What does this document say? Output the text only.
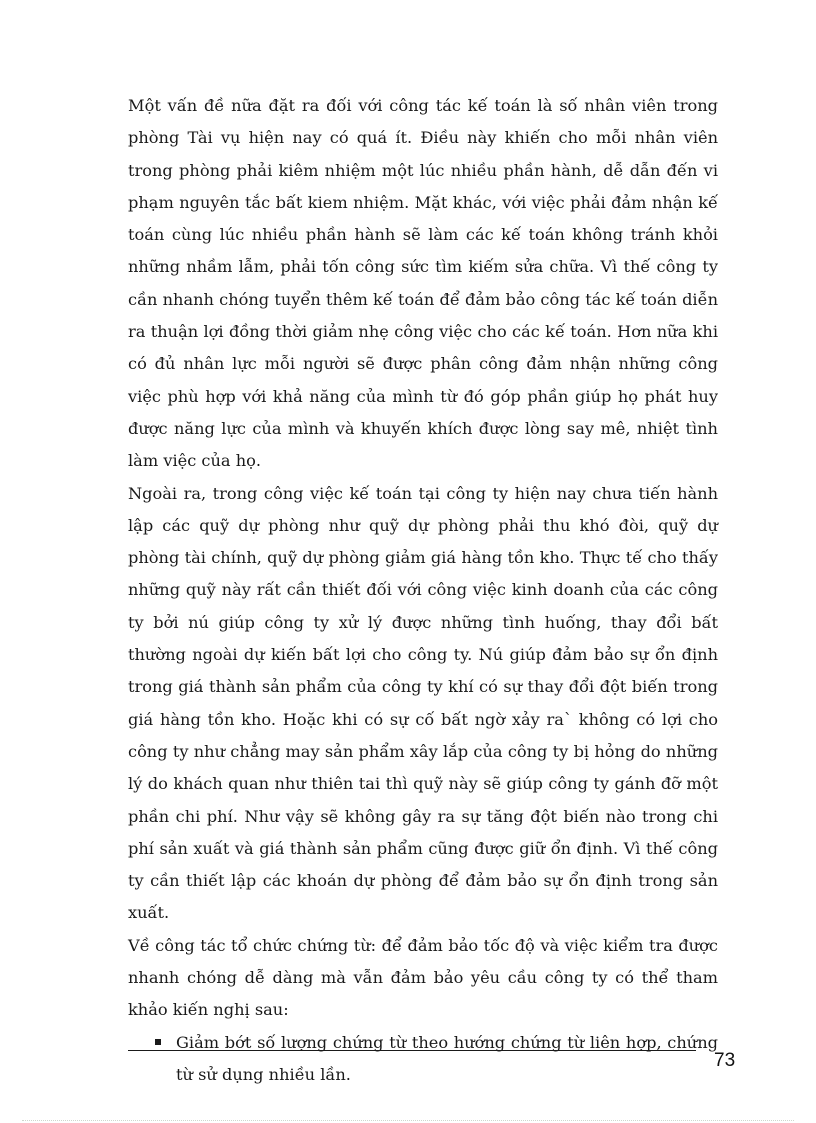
Một vấn đề nữa đặt ra đối với công tác kế toán là số nhân viên trong phòng Tài vụ hiện nay có quá ít. Điều này khiến cho mỗi nhân viên trong phòng phải kiêm nhiệm một lúc nhiều phần hành, dễ dẫn đến vi phạm nguyên tắc bất kiem nhiệm. Mặt khác, với việc phải đảm nhận kế toán cùng lúc nhiều phần hành sẽ làm các kế toán không tránh khỏi những nhầm lẫm, phải tốn công sức tìm kiếm sửa chữa. Vì thế công ty cần nhanh chóng tuyển thêm kế toán để đảm bảo công tác kế toán diễn ra thuận lợi đồng thời giảm nhẹ công việc cho các kế toán. Hơn nữa khi có đủ nhân lực mỗi người sẽ được phân công đảm nhận những công việc phù hợp với khả năng của mình từ đó góp phần giúp họ phát huy được năng lực của mình và khuyến khích được lòng say mê, nhiệt tình làm việc của họ.

Ngoài ra, trong công việc kế toán tại công ty hiện nay chưa tiến hành lập các quỹ dự phòng như quỹ dự phòng phải thu khó đòi, quỹ dự phòng tài chính, quỹ dự phòng giảm giá hàng tồn kho. Thực tế cho thấy những quỹ này rất cần thiết đối với công việc kinh doanh của các công ty bởi nú giúp công ty xử lý được những tình huống, thay đổi bất thường ngoài dự kiến bất lợi cho công ty. Nú giúp đảm bảo sự ổn định trong giá thành sản phẩm của công ty khí có sự thay đổi đột biến trong giá hàng tồn kho. Hoặc khi có sự cố bất ngờ xảy ra` không có lợi cho công ty như chẳng may sản phẩm xây lắp của công ty bị hỏng do những lý do khách quan như thiên tai thì quỹ này sẽ giúp công ty gánh đỡ một phần chi phí. Như vậy sẽ không gây ra sự tăng đột biến nào trong chi phí sản xuất và giá thành sản phẩm cũng được giữ ổn định. Vì thế công ty cần thiết lập các khoán dự phòng để đảm bảo sự ổn định trong sản xuất.

Về công tác tổ chức chứng từ: để đảm bảo tốc độ và việc kiểm tra được nhanh chóng dễ dàng mà vẫn đảm bảo yêu cầu công ty có thể tham khảo kiến nghị sau:

Giảm bớt số lượng chứng từ theo hướng chứng từ liên hợp, chứng từ sử dụng nhiều lần.
73
